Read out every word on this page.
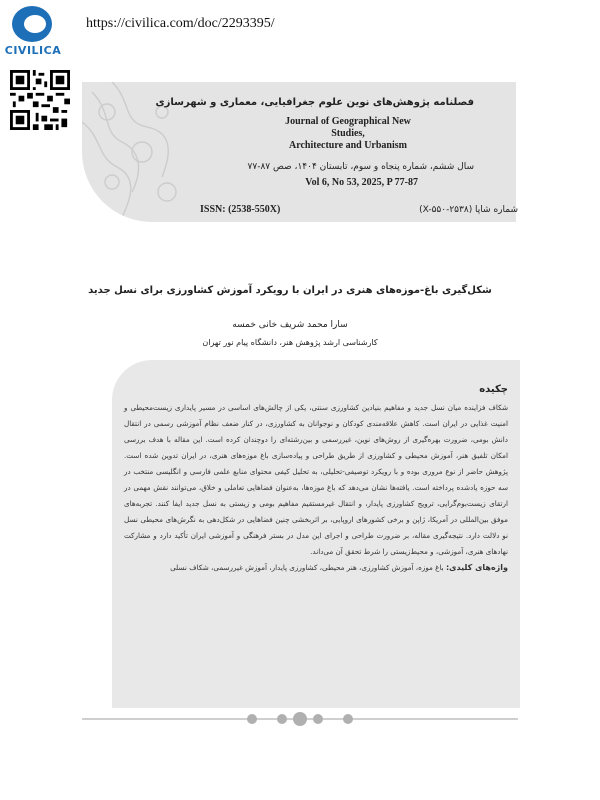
CIVILICA
https://civilica.com/doc/2293395/
فصلنامه پژوهش‌های نوین علوم جغرافیایی، معماری و شهرسازی
Journal of Geographical New Studies,
Architecture and Urbanism
سال ششم، شماره پنجاه و سوم، تابستان ۱۴۰۴، صص ۸۷-۷۷
Vol 6, No 53, 2025, P 77-87
ISSN: (2538-550X)	شماره شاپا (X-۵۵۰-۲۵۳۸)
شکل‌گیری باغ-موزه‌های هنری در ایران با رویکرد آموزش کشاورزی برای نسل جدید
سارا محمد شریف خانی خمسه
کارشناسی ارشد پژوهش هنر، دانشگاه پیام نور تهران
چکیده
شکاف فزاینده میان نسل جدید و مفاهیم بنیادین کشاورزی سنتی، یکی از چالش‌های اساسی در مسیر پایداری زیست‌محیطی و امنیت غذایی در ایران است. کاهش علاقه‌مندی کودکان و نوجوانان به کشاورزی، در کنار ضعف نظام آموزشی رسمی در انتقال دانش بومی، ضرورت بهره‌گیری از روش‌های نوین، غیررسمی و بین‌رشته‌ای را دوچندان کرده است. این مقاله با هدف بررسی امکان تلفیق هنر، آموزش محیطی و کشاورزی از طریق طراحی و پیاده‌سازی باغ موزه‌های هنری، در ایران تدوین شده است. پژوهش حاضر از نوع مروری بوده و با رویکرد توصیفی-تحلیلی، به تحلیل کیفی محتوای منابع علمی فارسی و انگلیسی منتخب در سه حوزه یادشده پرداخته است. یافته‌ها نشان می‌دهد که باغ موزه‌ها، به‌عنوان فضاهایی تعاملی و خلاق، می‌توانند نقش مهمی در ارتقای زیست‌بوم‌گرایی، ترویج کشاورزی پایدار، و انتقال غیرمستقیم مفاهیم بومی و زیستی به نسل جدید ایفا کنند. تجربه‌های موفق بین‌المللی در آمریکا، ژاپن و برخی کشورهای اروپایی، بر اثربخشی چنین فضاهایی در شکل‌دهی به نگرش‌های محیطی نسل نو دلالت دارد. نتیجه‌گیری مقاله، بر ضرورت طراحی و اجرای این مدل در بستر فرهنگی و آموزشی ایران تأکید دارد و مشارکت نهادهای هنری، آموزشی، و محیط‌زیستی را شرط تحقق آن می‌داند.
واژه‌های کلیدی: باغ موزه، آموزش کشاورزی، هنر محیطی، کشاورزی پایدار، آموزش غیررسمی، شکاف نسلی
